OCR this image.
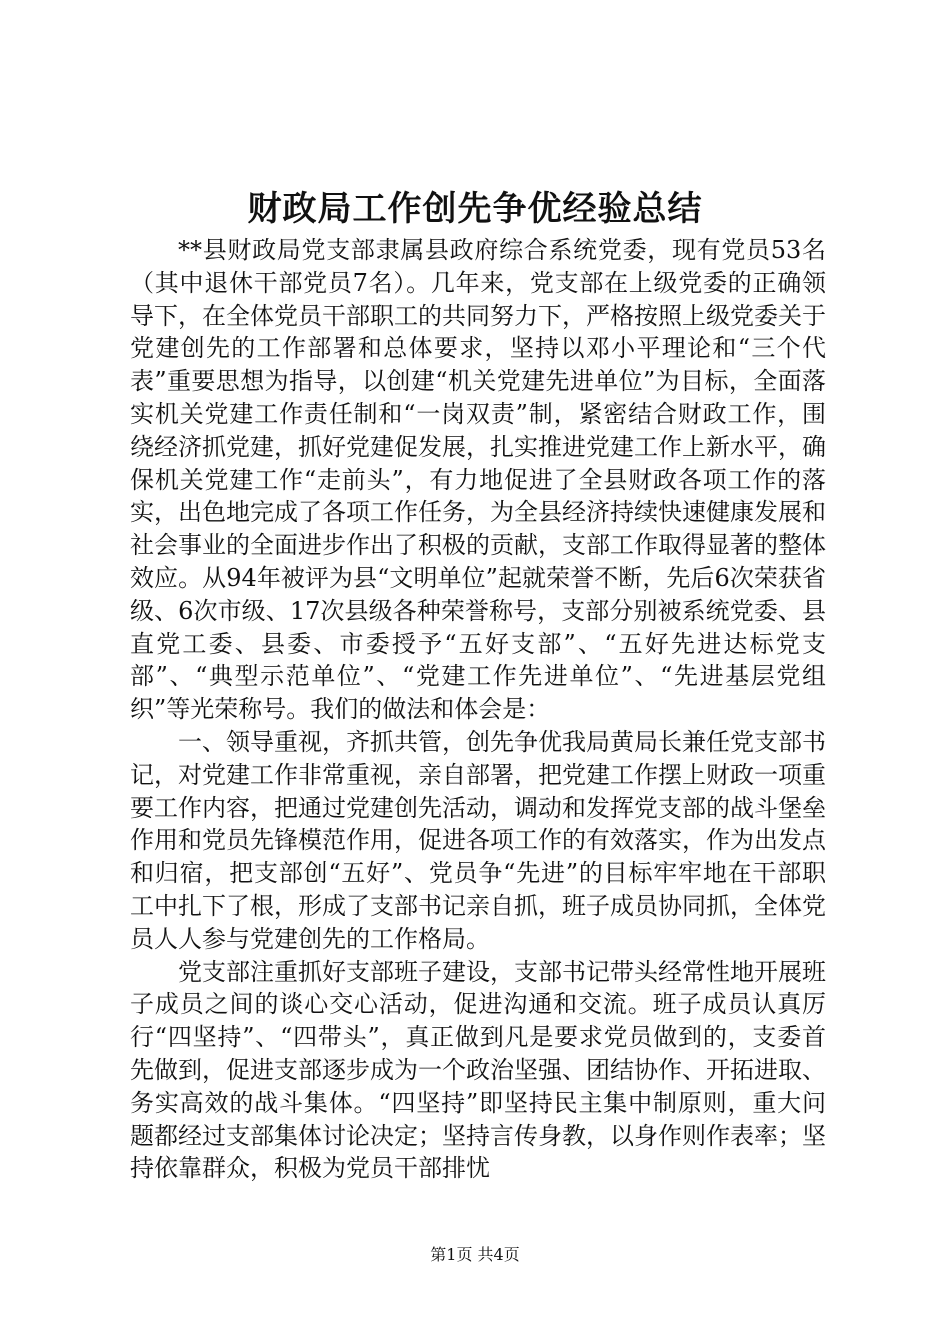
财政局工作创先争优经验总结

**县财政局党支部隶属县政府综合系统党委，现有党员53名（其中退休干部党员7名）。几年来，党支部在上级党委的正确领导下，在全体党员干部职工的共同努力下，严格按照上级党委关于党建创先的工作部署和总体要求，坚持以邓小平理论和“三个代表”重要思想为指导，以创建“机关党建先进单位”为目标，全面落实机关党建工作责任制和“一岗双责”制，紧密结合财政工作，围绕经济抓党建，抓好党建促发展，扎实推进党建工作上新水平，确保机关党建工作“走前头”，有力地促进了全县财政各项工作的落实，出色地完成了各项工作任务，为全县经济持续快速健康发展和社会事业的全面进步作出了积极的贡献，支部工作取得显著的整体效应。从94年被评为县“文明单位”起就荣誉不断，先后6次荣获省级、6次市级、17次县级各种荣誉称号，支部分别被系统党委、县直党工委、县委、市委授予“五好支部”、“五好先进达标党支部”、“典型示范单位”、“党建工作先进单位”、“先进基层党组织”等光荣称号。我们的做法和体会是：

一、领导重视，齐抓共管，创先争优我局黄局长兼任党支部书记，对党建工作非常重视，亲自部署，把党建工作摆上财政一项重要工作内容，把通过党建创先活动，调动和发挥党支部的战斗堡垒作用和党员先锋模范作用，促进各项工作的有效落实，作为出发点和归宿，把支部创“五好”、党员争“先进”的目标牢牢地在干部职工中扎下了根，形成了支部书记亲自抓，班子成员协同抓，全体党员人人参与党建创先的工作格局。

党支部注重抓好支部班子建设，支部书记带头经常性地开展班子成员之间的谈心交心活动，促进沟通和交流。班子成员认真厉行“四坚持”、“四带头”，真正做到凡是要求党员做到的，支委首先做到，促进支部逐步成为一个政治坚强、团结协作、开拓进取、务实高效的战斗集体。“四坚持”即坚持民主集中制原则，重大问题都经过支部集体讨论决定；坚持言传身教，以身作则作表率；坚持依靠群众，积极为党员干部排忧

第1页 共4页
